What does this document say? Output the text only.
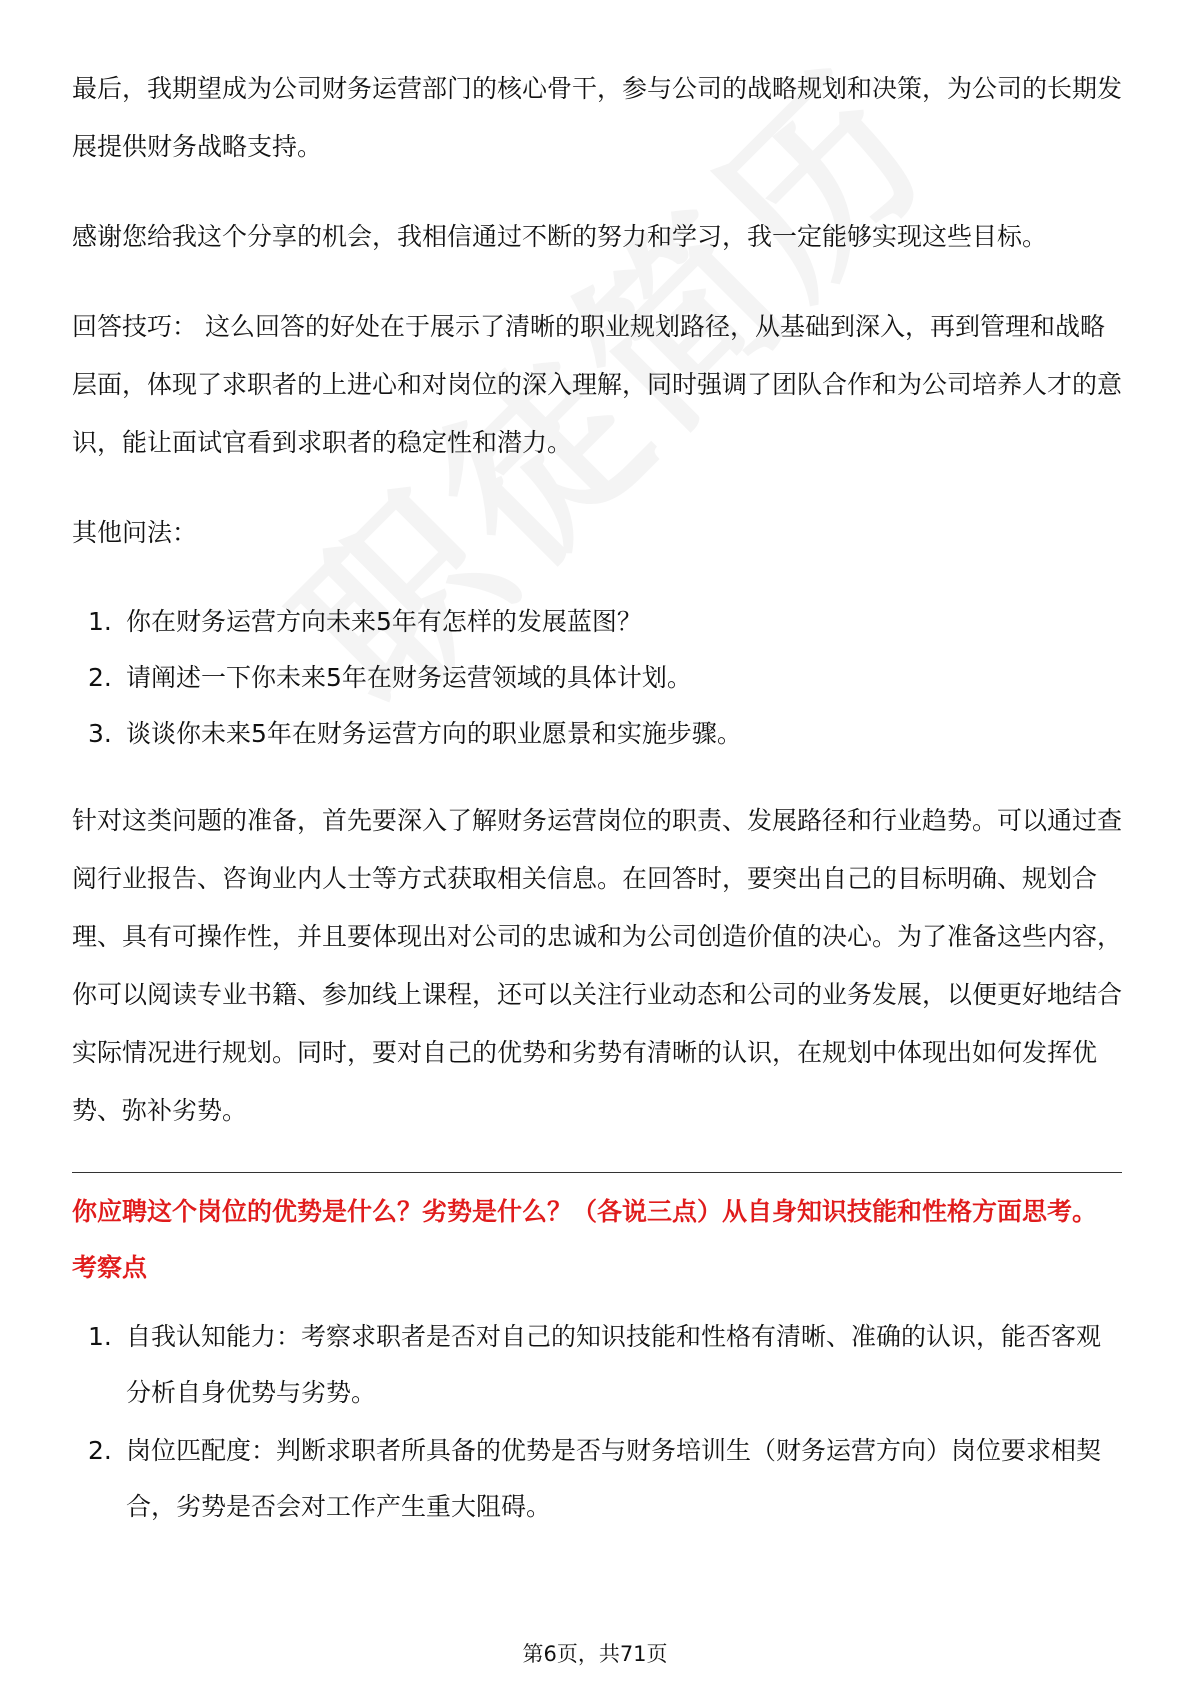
最后，我期望成为公司财务运营部门的核心骨干，参与公司的战略规划和决策，为公司的长期发展提供财务战略支持。

感谢您给我这个分享的机会，我相信通过不断的努力和学习，我一定能够实现这些目标。

回答技巧： 这么回答的好处在于展示了清晰的职业规划路径，从基础到深入，再到管理和战略层面，体现了求职者的上进心和对岗位的深入理解，同时强调了团队合作和为公司培养人才的意识，能让面试官看到求职者的稳定性和潜力。

其他问法：

1. 你在财务运营方向未来5年有怎样的发展蓝图？
2. 请阐述一下你未来5年在财务运营领域的具体计划。
3. 谈谈你未来5年在财务运营方向的职业愿景和实施步骤。

针对这类问题的准备，首先要深入了解财务运营岗位的职责、发展路径和行业趋势。可以通过查阅行业报告、咨询业内人士等方式获取相关信息。在回答时，要突出自己的目标明确、规划合理、具有可操作性，并且要体现出对公司的忠诚和为公司创造价值的决心。为了准备这些内容，你可以阅读专业书籍、参加线上课程，还可以关注行业动态和公司的业务发展，以便更好地结合实际情况进行规划。同时，要对自己的优势和劣势有清晰的认识，在规划中体现出如何发挥优势、弥补劣势。

你应聘这个岗位的优势是什么？劣势是什么？（各说三点）从自身知识技能和性格方面思考。
考察点
1. 自我认知能力：考察求职者是否对自己的知识技能和性格有清晰、准确的认识，能否客观分析自身优势与劣势。
2. 岗位匹配度：判断求职者所具备的优势是否与财务培训生（财务运营方向）岗位要求相契合，劣势是否会对工作产生重大阻碍。
第6页，共71页
